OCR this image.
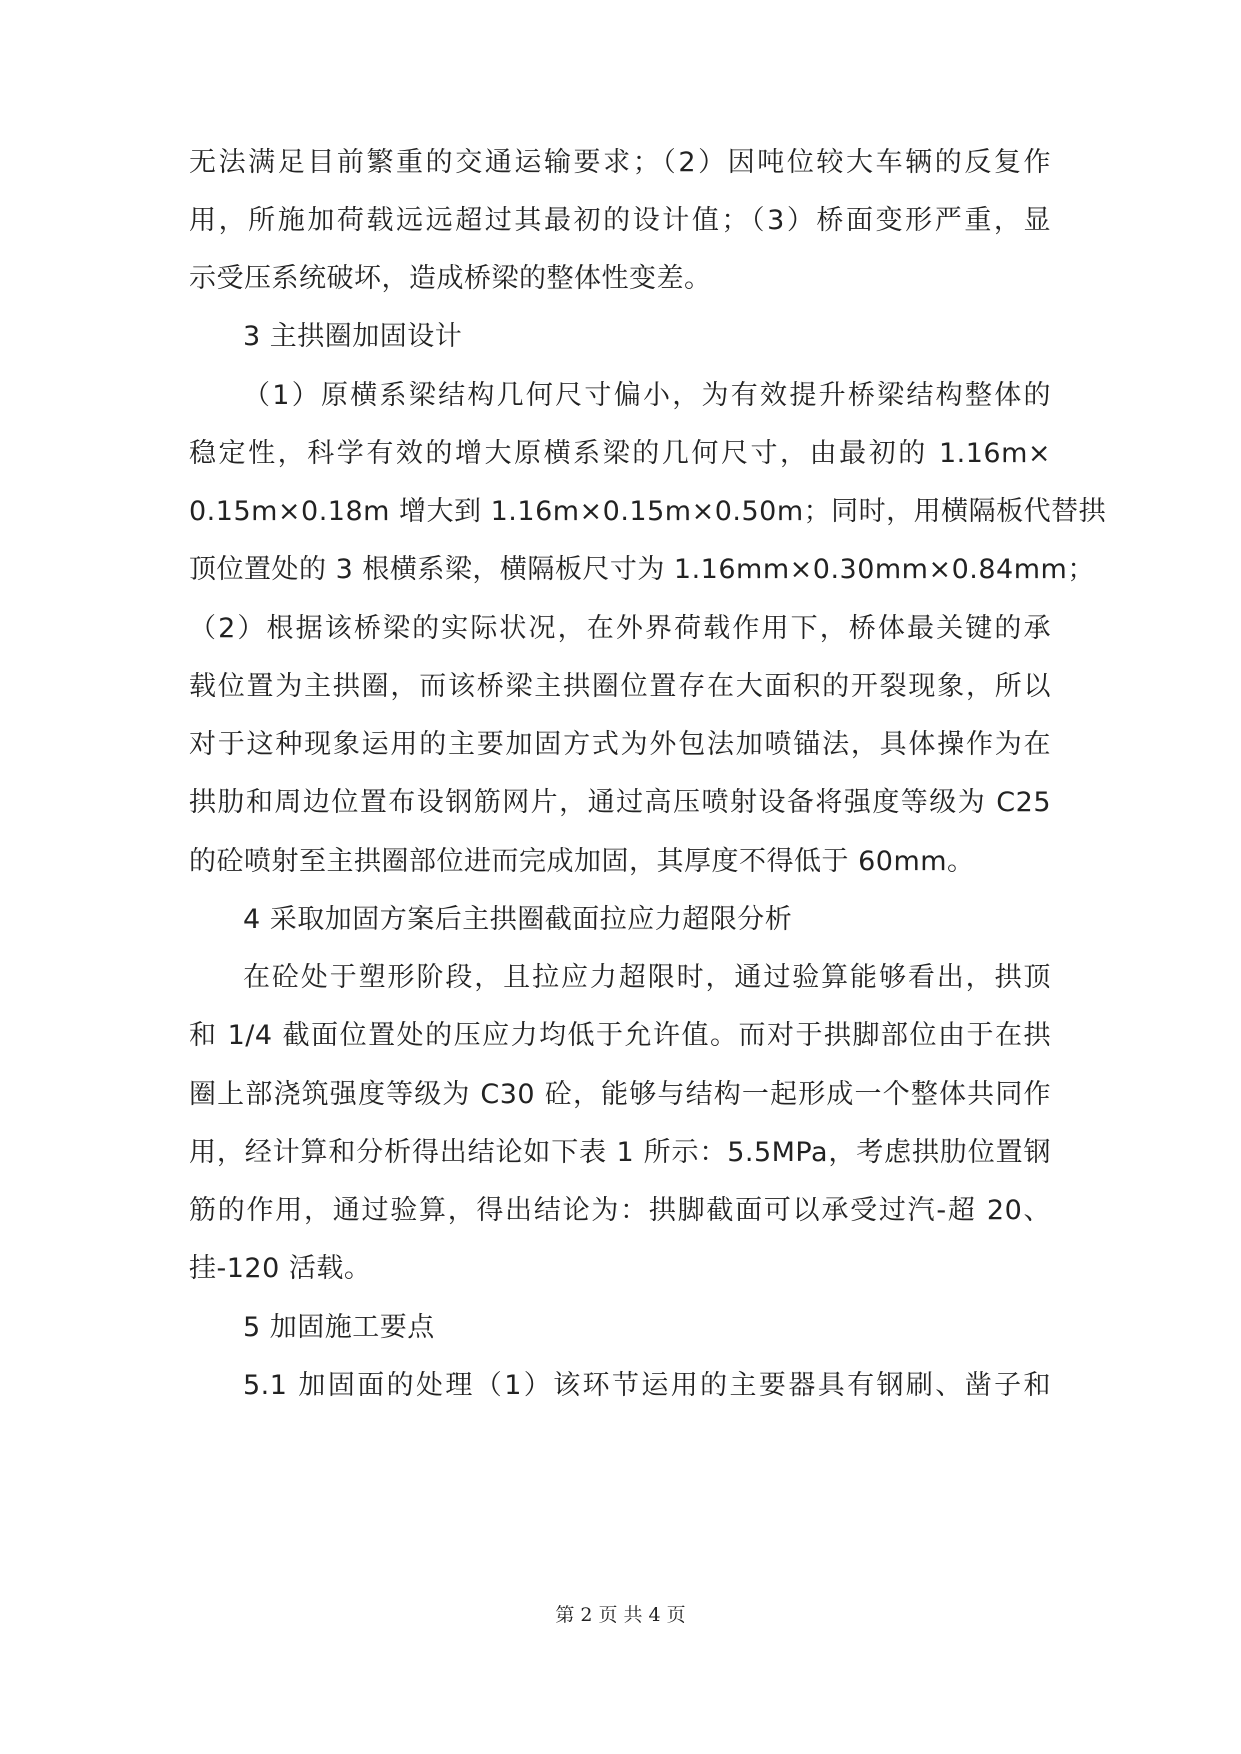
无法满足目前繁重的交通运输要求；（2）因吨位较大车辆的反复作
用，所施加荷载远远超过其最初的设计值；（3）桥面变形严重，显
示受压系统破坏，造成桥梁的整体性变差。
3 主拱圈加固设计
（1）原横系梁结构几何尺寸偏小，为有效提升桥梁结构整体的
稳定性，科学有效的增大原横系梁的几何尺寸，由最初的 1.16m×
0.15m×0.18m 增大到 1.16m×0.15m×0.50m；同时，用横隔板代替拱
顶位置处的 3 根横系梁，横隔板尺寸为 1.16mm×0.30mm×0.84mm；
（2）根据该桥梁的实际状况，在外界荷载作用下，桥体最关键的承
载位置为主拱圈，而该桥梁主拱圈位置存在大面积的开裂现象，所以
对于这种现象运用的主要加固方式为外包法加喷锚法，具体操作为在
拱肋和周边位置布设钢筋网片，通过高压喷射设备将强度等级为 C25
的砼喷射至主拱圈部位进而完成加固，其厚度不得低于 60mm。
4 采取加固方案后主拱圈截面拉应力超限分析
在砼处于塑形阶段，且拉应力超限时，通过验算能够看出，拱顶
和 1/4 截面位置处的压应力均低于允许值。而对于拱脚部位由于在拱
圈上部浇筑强度等级为 C30 砼，能够与结构一起形成一个整体共同作
用，经计算和分析得出结论如下表 1 所示：5.5MPa，考虑拱肋位置钢
筋的作用，通过验算，得出结论为：拱脚截面可以承受过汽-超 20、
挂-120 活载。
5 加固施工要点
5.1 加固面的处理（1）该环节运用的主要器具有钢刷、凿子和
第 2 页 共 4 页
